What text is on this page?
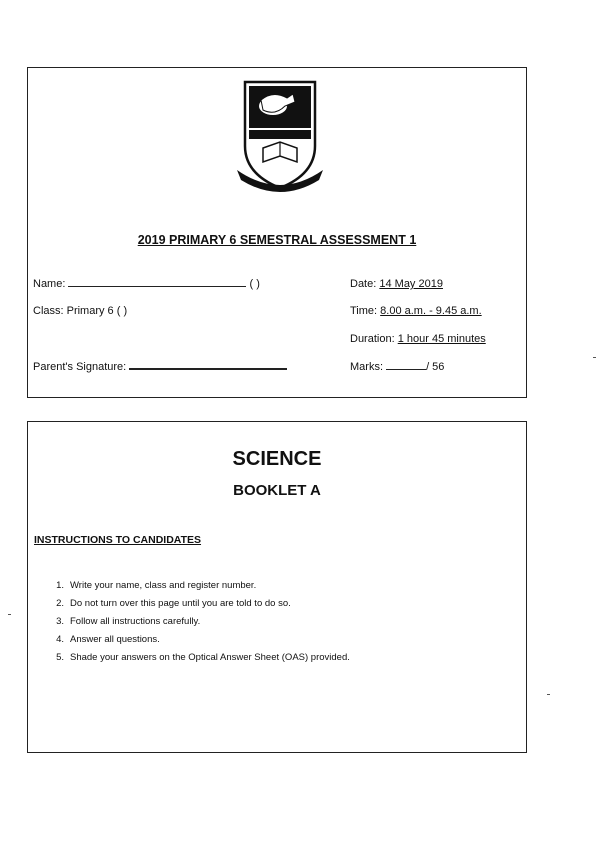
2019 PRIMARY 6 SEMESTRAL ASSESSMENT 1
Name:	( )
Class: Primary 6 ( )
Parent's Signature:
Date: 14 May 2019
Time: 8.00 a.m. - 9.45 a.m.
Duration: 1 hour 45 minutes
Marks:	/ 56
SCIENCE
BOOKLET A
INSTRUCTIONS TO CANDIDATES
1. Write your name, class and register number.
2. Do not turn over this page until you are told to do so.
3. Follow all instructions carefully.
4. Answer all questions.
5. Shade your answers on the Optical Answer Sheet (OAS) provided.
